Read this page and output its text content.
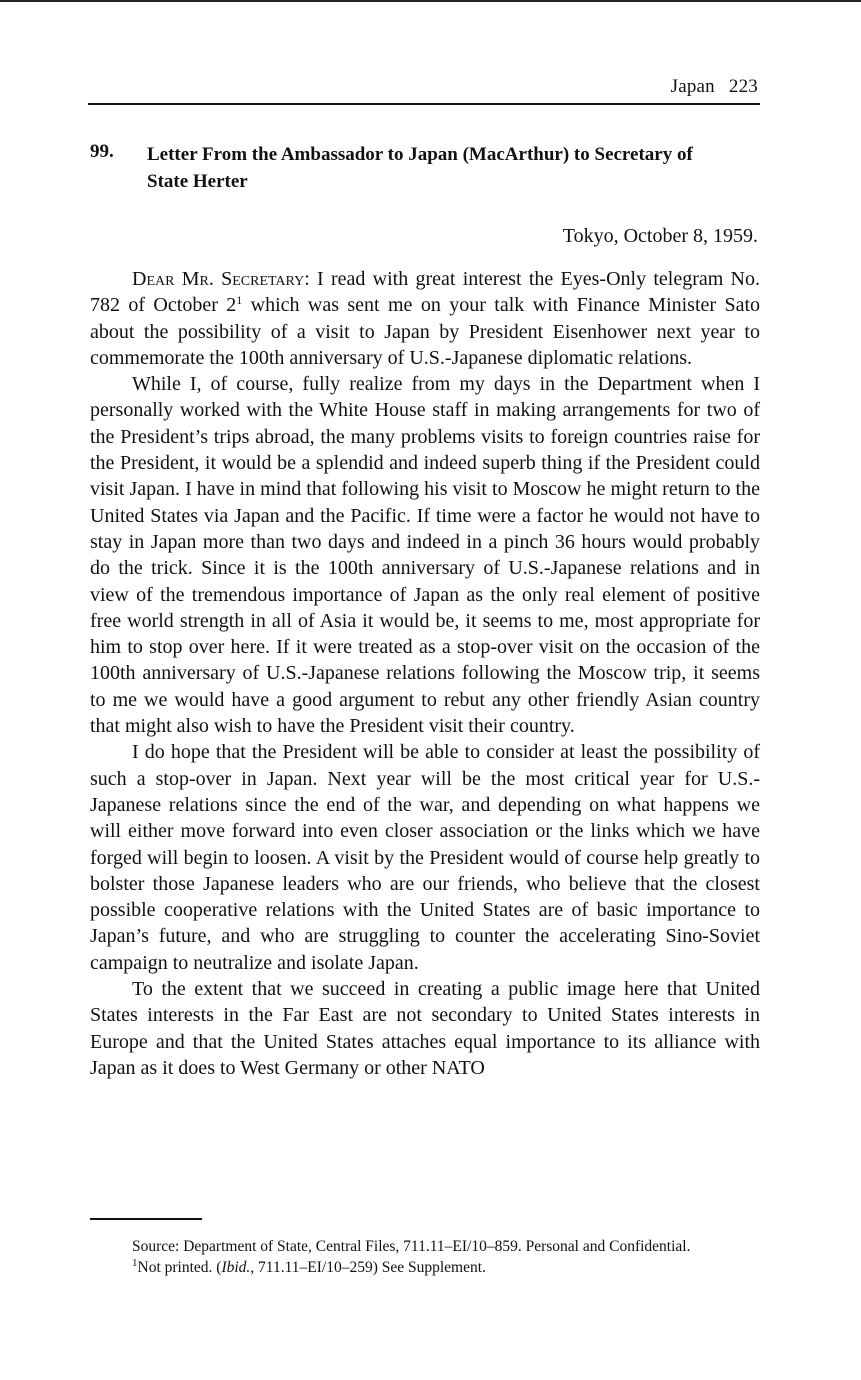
Japan 223
99. Letter From the Ambassador to Japan (MacArthur) to Secretary of State Herter
Tokyo, October 8, 1959.

Dear Mr. Secretary: I read with great interest the Eyes-Only telegram No. 782 of October $2^1$ which was sent me on your talk with Finance Minister Sato about the possibility of a visit to Japan by President Eisenhower next year to commemorate the 100th anniversary of U.S.-Japanese diplomatic relations.

While I, of course, fully realize from my days in the Department when I personally worked with the White House staff in making arrangements for two of the President’s trips abroad, the many problems visits to foreign countries raise for the President, it would be a splendid and indeed superb thing if the President could visit Japan. I have in mind that following his visit to Moscow he might return to the United States via Japan and the Pacific. If time were a factor he would not have to stay in Japan more than two days and indeed in a pinch 36 hours would probably do the trick. Since it is the 100th anniversary of U.S.-Japanese relations and in view of the tremendous importance of Japan as the only real element of positive free world strength in all of Asia it would be, it seems to me, most appropriate for him to stop over here. If it were treated as a stop-over visit on the occasion of the 100th anniversary of U.S.-Japanese relations following the Moscow trip, it seems to me we would have a good argument to rebut any other friendly Asian country that might also wish to have the President visit their country.

I do hope that the President will be able to consider at least the possibility of such a stop-over in Japan. Next year will be the most critical year for U.S.-Japanese relations since the end of the war, and depending on what happens we will either move forward into even closer association or the links which we have forged will begin to loosen. A visit by the President would of course help greatly to bolster those Japanese leaders who are our friends, who believe that the closest possible cooperative relations with the United States are of basic importance to Japan’s future, and who are struggling to counter the accelerating Sino-Soviet campaign to neutralize and isolate Japan.

To the extent that we succeed in creating a public image here that United States interests in the Far East are not secondary to United States interests in Europe and that the United States attaches equal importance to its alliance with Japan as it does to West Germany or other NATO

Source: Department of State, Central Files, 711.11–EI/10–859. Personal and Confidential.

$^1$Not printed. (Ibid., 711.11–EI/10–259) See Supplement.
